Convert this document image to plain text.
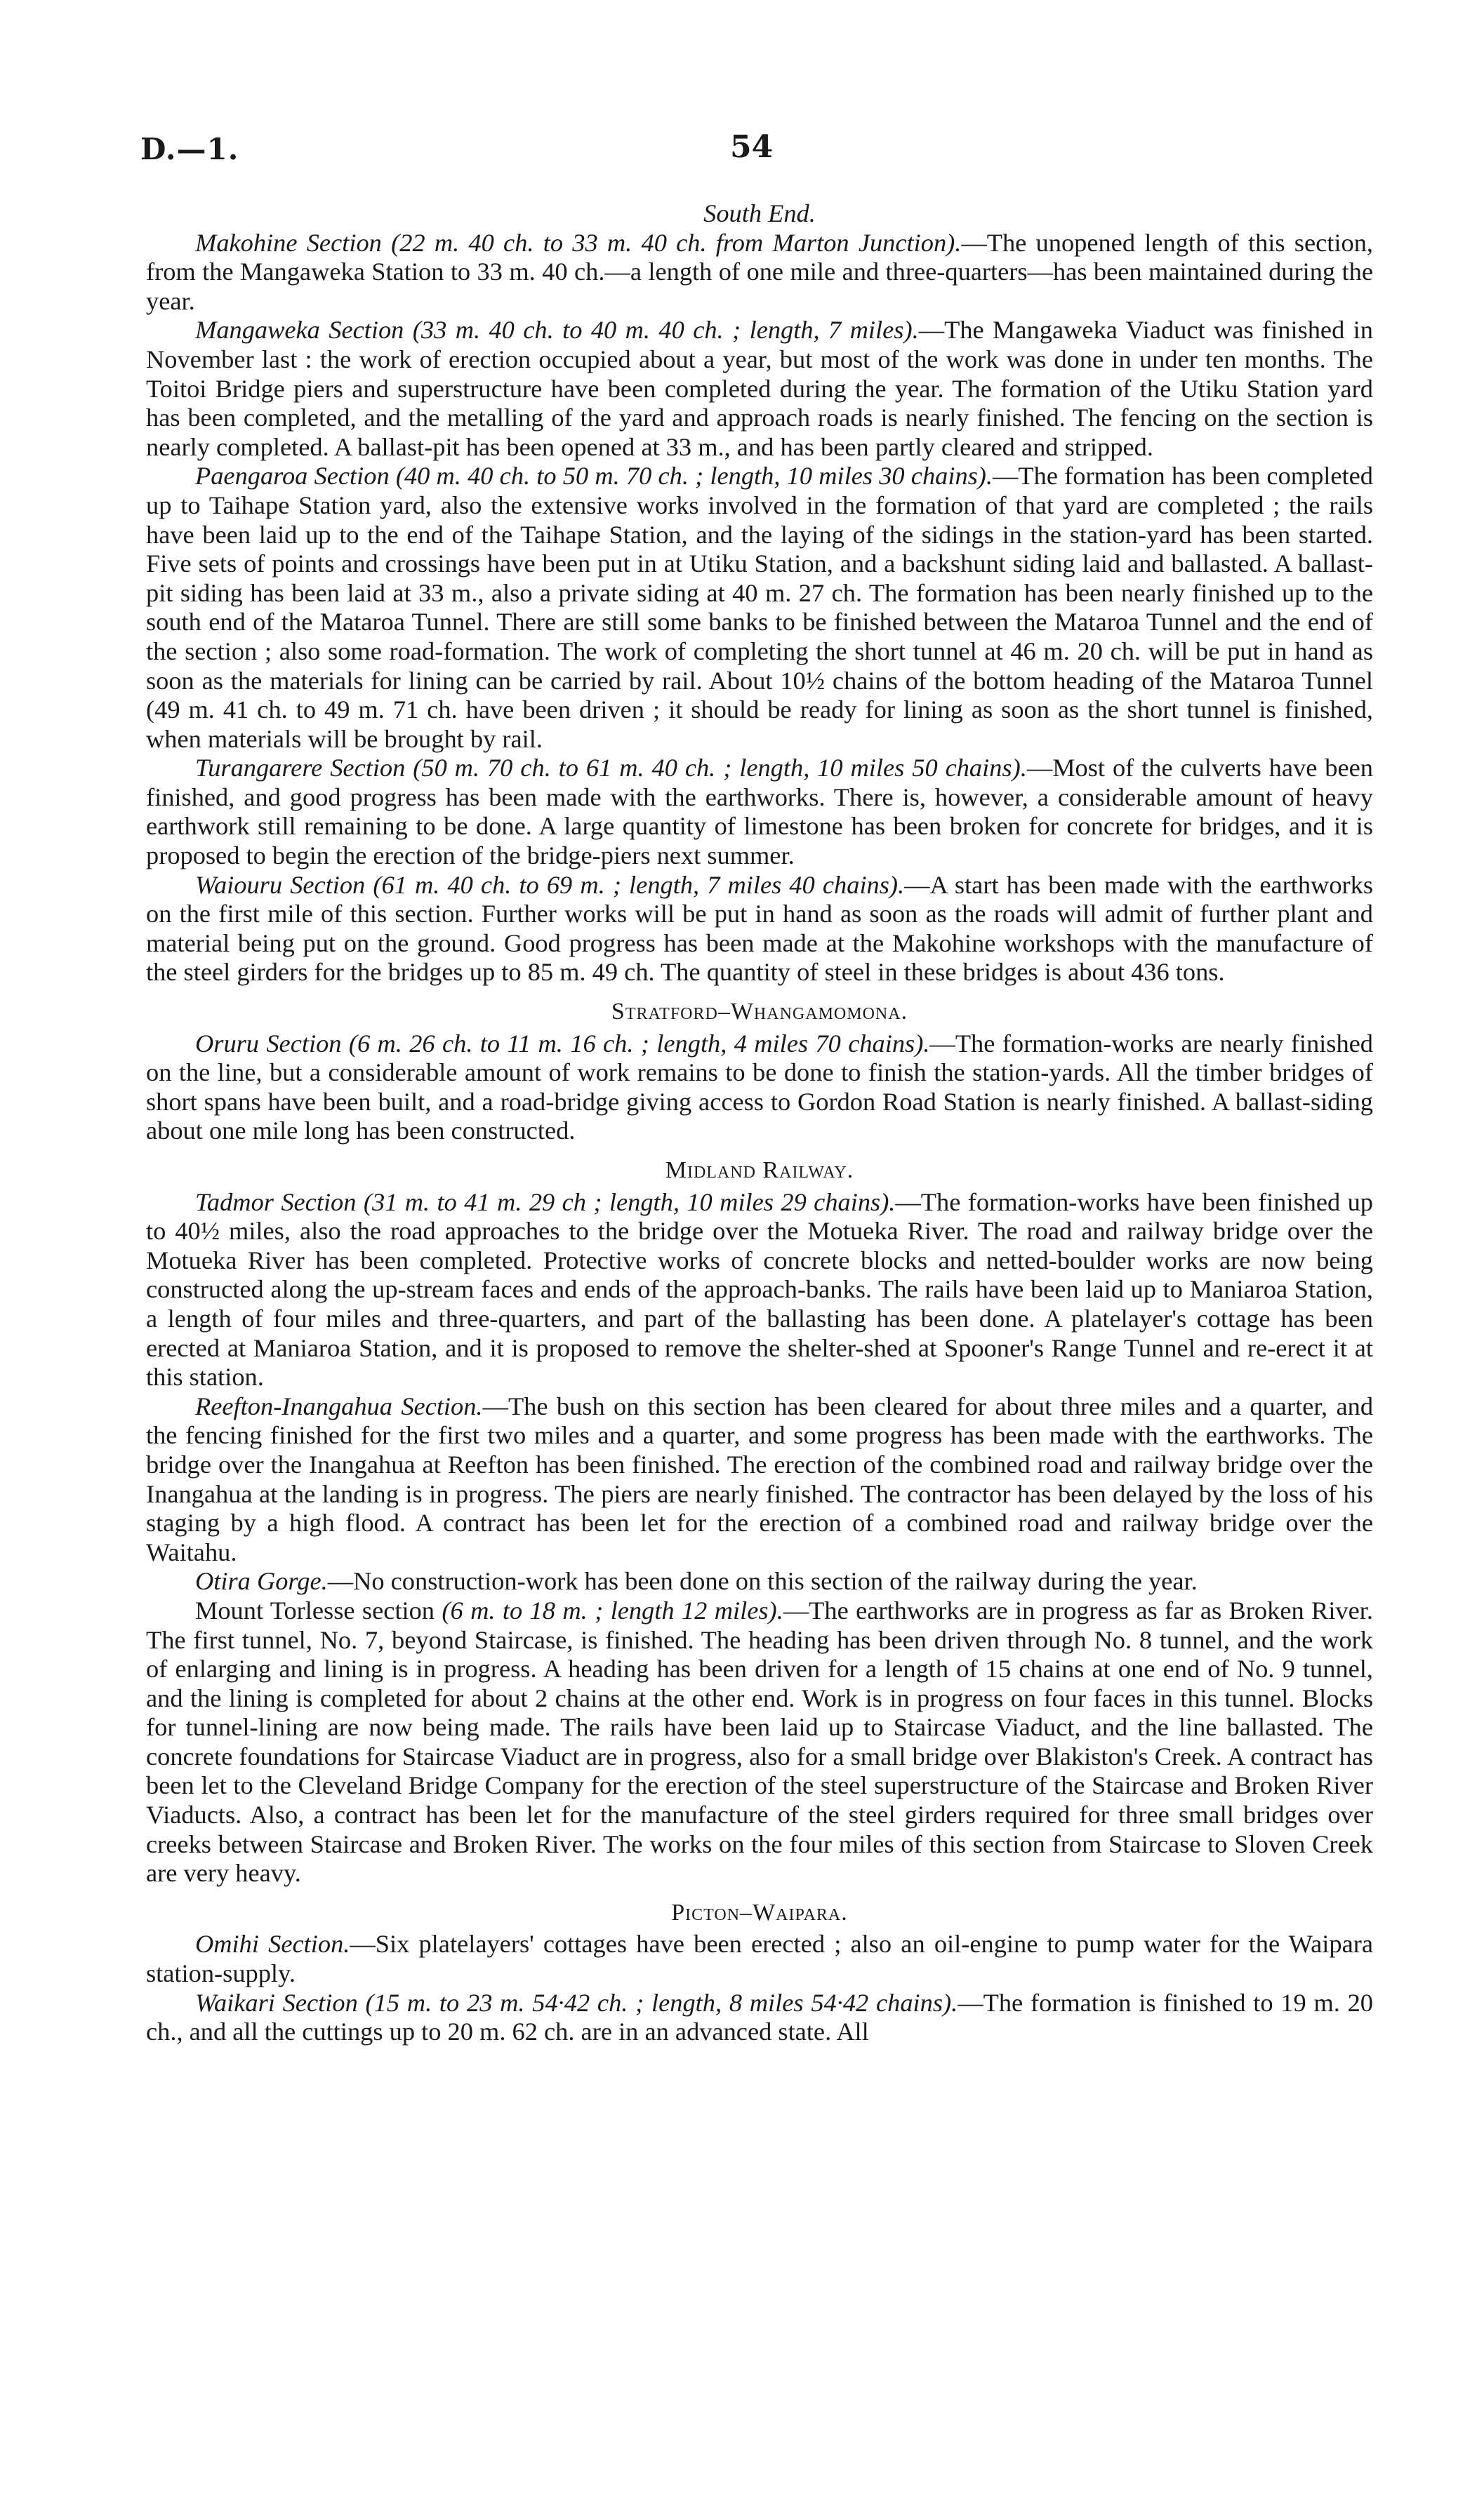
D.—1.	54
South End.

Makohine Section (22 m. 40 ch. to 33 m. 40 ch. from Marton Junction).—The unopened length of this section, from the Mangaweka Station to 33 m. 40 ch.—a length of one mile and three-quarters—has been maintained during the year.

Mangaweka Section (33 m. 40 ch. to 40 m. 40 ch. ; length, 7 miles).—The Mangaweka Viaduct was finished in November last : the work of erection occupied about a year, but most of the work was done in under ten months. The Toitoi Bridge piers and superstructure have been completed during the year. The formation of the Utiku Station yard has been completed, and the metalling of the yard and approach roads is nearly finished. The fencing on the section is nearly completed. A ballast-pit has been opened at 33 m., and has been partly cleared and stripped.

Paengaroa Section (40 m. 40 ch. to 50 m. 70 ch. ; length, 10 miles 30 chains).—The formation has been completed up to Taihape Station yard, also the extensive works involved in the formation of that yard are completed ; the rails have been laid up to the end of the Taihape Station, and the laying of the sidings in the station-yard has been started. Five sets of points and crossings have been put in at Utiku Station, and a backshunt siding laid and ballasted. A ballast-pit siding has been laid at 33 m., also a private siding at 40 m. 27 ch. The formation has been nearly finished up to the south end of the Mataroa Tunnel. There are still some banks to be finished between the Mataroa Tunnel and the end of the section ; also some road-formation. The work of completing the short tunnel at 46 m. 20 ch. will be put in hand as soon as the materials for lining can be carried by rail. About 10½ chains of the bottom heading of the Mataroa Tunnel (49 m. 41 ch. to 49 m. 71 ch. have been driven ; it should be ready for lining as soon as the short tunnel is finished, when materials will be brought by rail.

Turangarere Section (50 m. 70 ch. to 61 m. 40 ch. ; length, 10 miles 50 chains).—Most of the culverts have been finished, and good progress has been made with the earthworks. There is, however, a considerable amount of heavy earthwork still remaining to be done. A large quantity of limestone has been broken for concrete for bridges, and it is proposed to begin the erection of the bridge-piers next summer.

Waiouru Section (61 m. 40 ch. to 69 m. ; length, 7 miles 40 chains).—A start has been made with the earthworks on the first mile of this section. Further works will be put in hand as soon as the roads will admit of further plant and material being put on the ground. Good progress has been made at the Makohine workshops with the manufacture of the steel girders for the bridges up to 85 m. 49 ch. The quantity of steel in these bridges is about 436 tons.

Stratford–Whangamomona.

Oruru Section (6 m. 26 ch. to 11 m. 16 ch. ; length, 4 miles 70 chains).—The formation-works are nearly finished on the line, but a considerable amount of work remains to be done to finish the station-yards. All the timber bridges of short spans have been built, and a road-bridge giving access to Gordon Road Station is nearly finished. A ballast-siding about one mile long has been constructed.

Midland Railway.

Tadmor Section (31 m. to 41 m. 29 ch ; length, 10 miles 29 chains).—The formation-works have been finished up to 40½ miles, also the road approaches to the bridge over the Motueka River. The road and railway bridge over the Motueka River has been completed. Protective works of concrete blocks and netted-boulder works are now being constructed along the up-stream faces and ends of the approach-banks. The rails have been laid up to Maniaroa Station, a length of four miles and three-quarters, and part of the ballasting has been done. A platelayer's cottage has been erected at Maniaroa Station, and it is proposed to remove the shelter-shed at Spooner's Range Tunnel and re-erect it at this station.

Reefton-Inangahua Section.—The bush on this section has been cleared for about three miles and a quarter, and the fencing finished for the first two miles and a quarter, and some progress has been made with the earthworks. The bridge over the Inangahua at Reefton has been finished. The erection of the combined road and railway bridge over the Inangahua at the landing is in progress. The piers are nearly finished. The contractor has been delayed by the loss of his staging by a high flood. A contract has been let for the erection of a combined road and railway bridge over the Waitahu.

Otira Gorge.—No construction-work has been done on this section of the railway during the year.

Mount Torlesse section (6 m. to 18 m. ; length 12 miles).—The earthworks are in progress as far as Broken River. The first tunnel, No. 7, beyond Staircase, is finished. The heading has been driven through No. 8 tunnel, and the work of enlarging and lining is in progress. A heading has been driven for a length of 15 chains at one end of No. 9 tunnel, and the lining is completed for about 2 chains at the other end. Work is in progress on four faces in this tunnel. Blocks for tunnel-lining are now being made. The rails have been laid up to Staircase Viaduct, and the line ballasted. The concrete foundations for Staircase Viaduct are in progress, also for a small bridge over Blakiston's Creek. A contract has been let to the Cleveland Bridge Company for the erection of the steel superstructure of the Staircase and Broken River Viaducts. Also, a contract has been let for the manufacture of the steel girders required for three small bridges over creeks between Staircase and Broken River. The works on the four miles of this section from Staircase to Sloven Creek are very heavy.

Picton–Waipara.

Omihi Section.—Six platelayers' cottages have been erected ; also an oil-engine to pump water for the Waipara station-supply.

Waikari Section (15 m. to 23 m. 54·42 ch. ; length, 8 miles 54·42 chains).—The formation is finished to 19 m. 20 ch., and all the cuttings up to 20 m. 62 ch. are in an advanced state. All
